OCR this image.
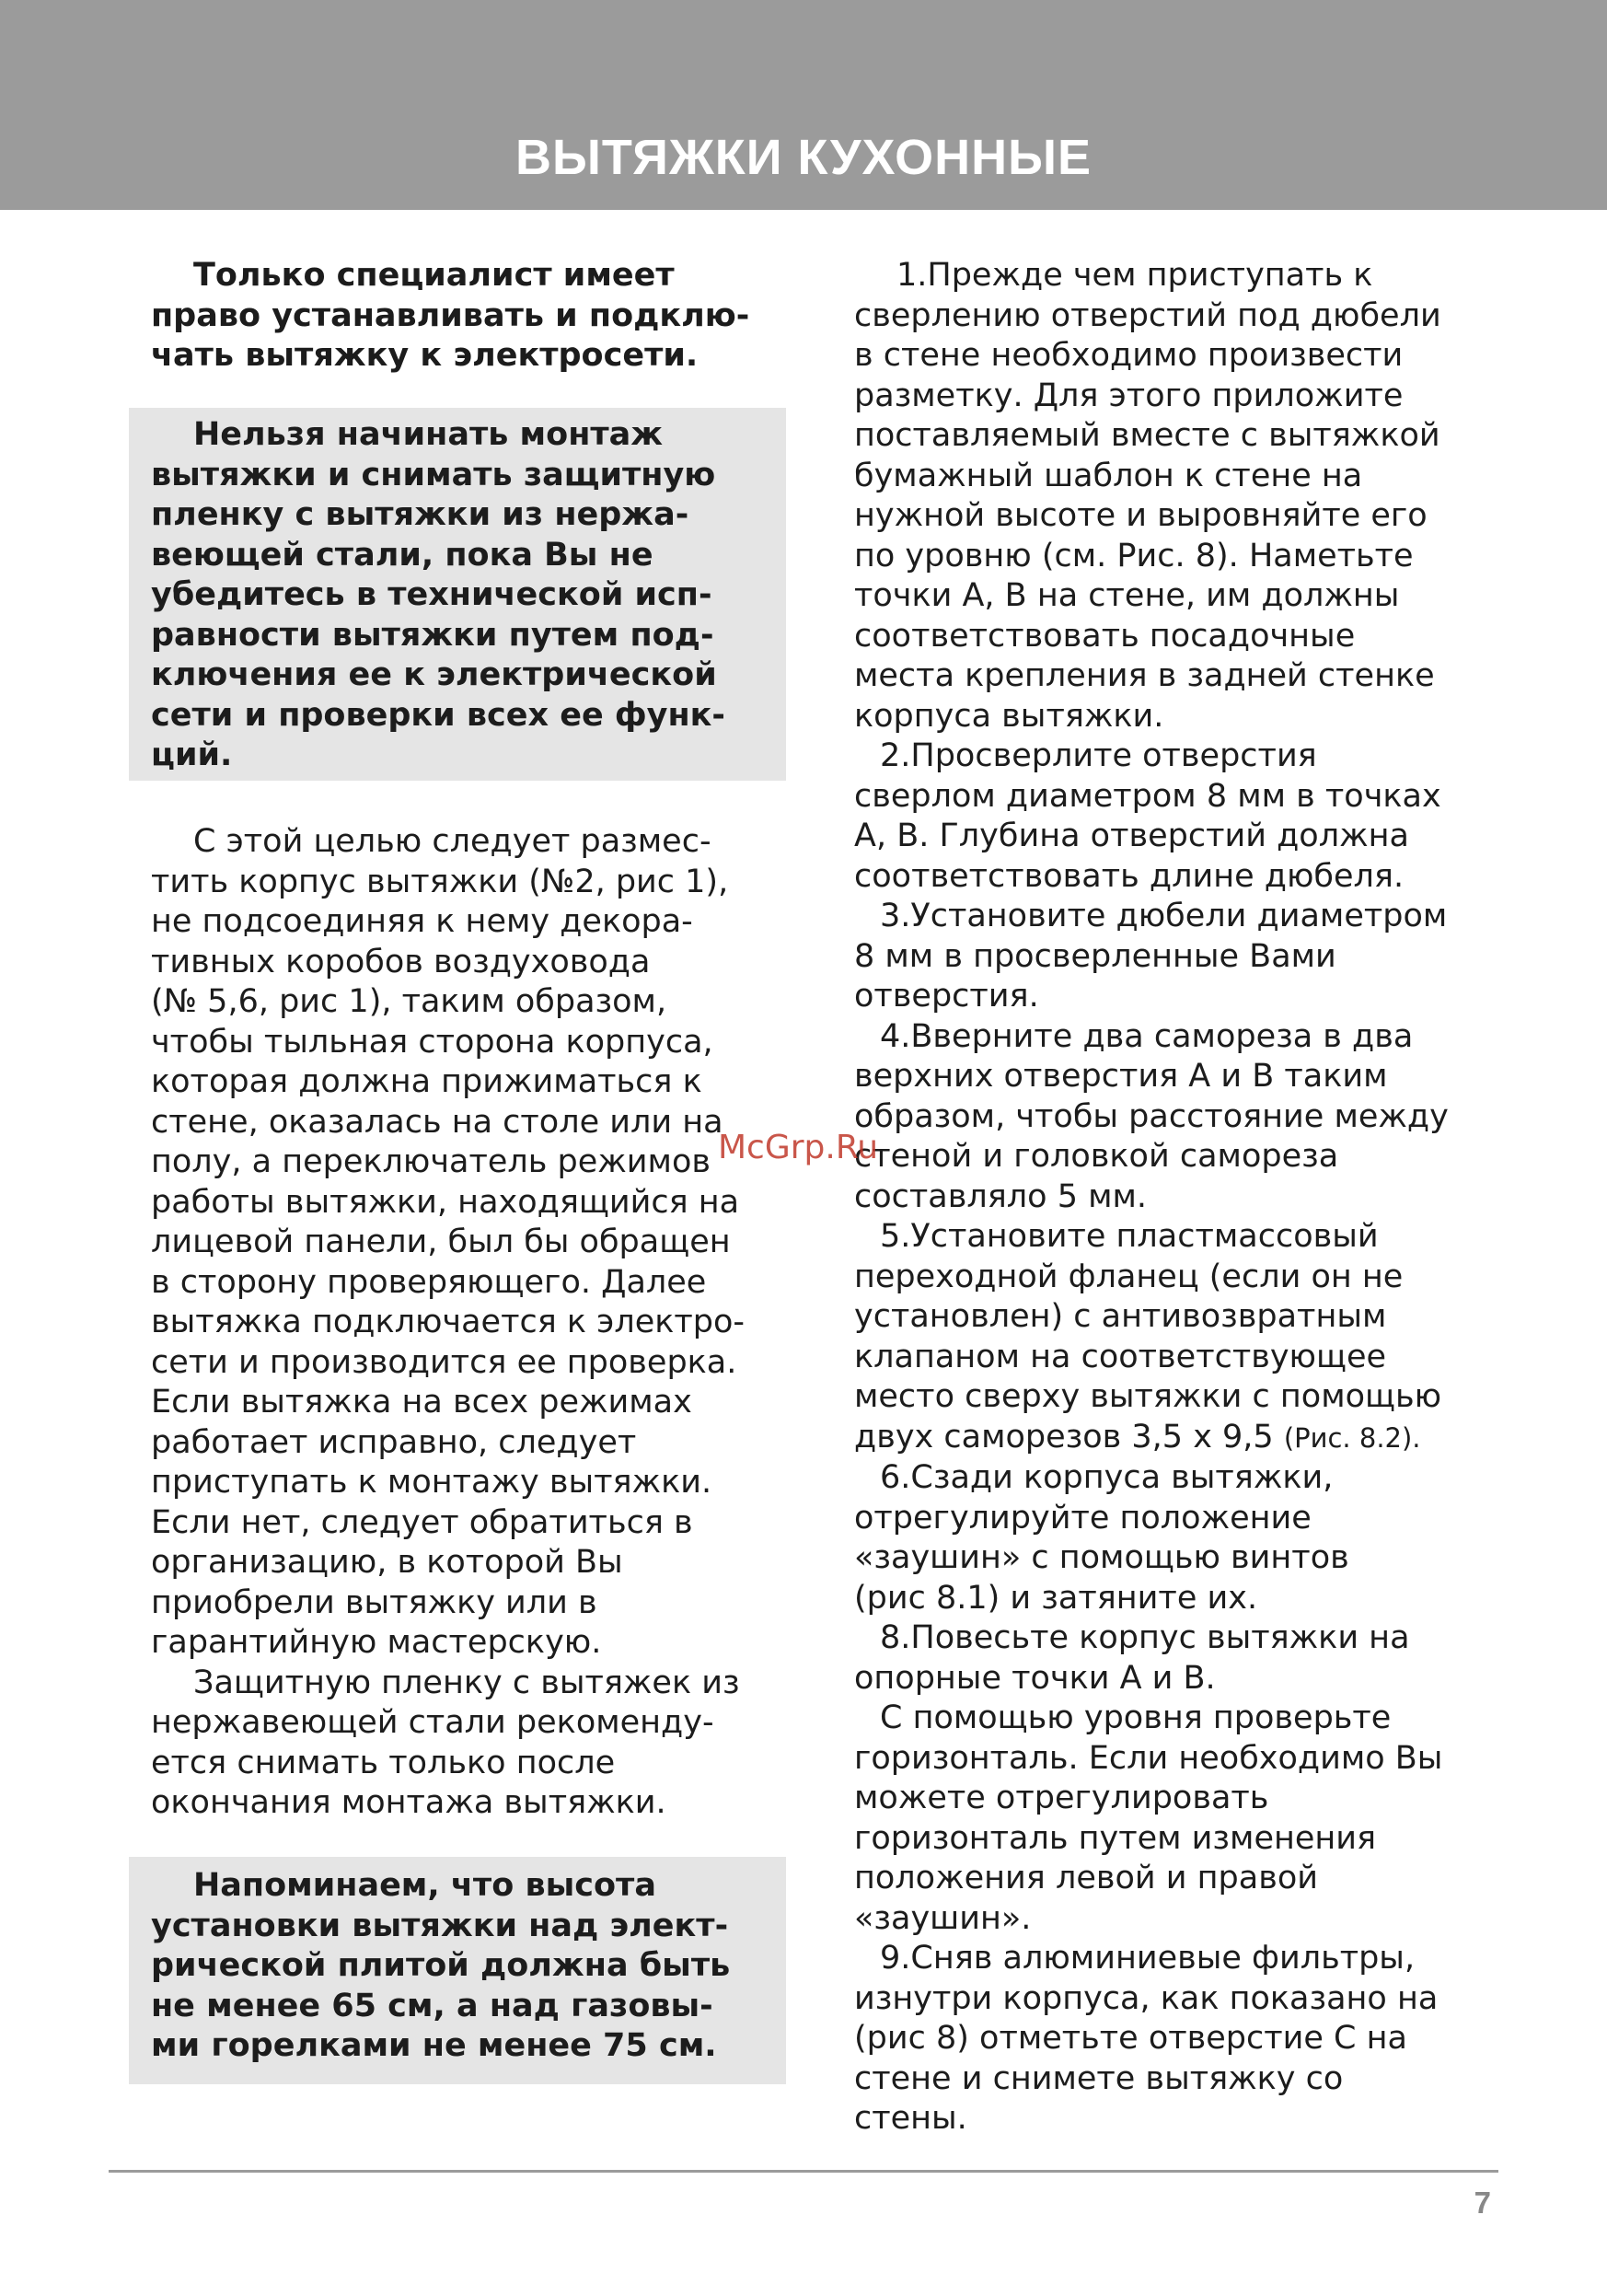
ВЫТЯЖКИ КУХОННЫЕ

Только специалист имеет
право устанавливать и подклю-
чать вытяжку к электросети.

Нельзя начинать монтаж
вытяжки и снимать защитную
пленку с вытяжки из нержа-
веющей стали, пока Вы не
убедитесь в технической исп-
равности вытяжки путем под-
ключения ее к электрической
сети и проверки всех ее функ-
ций.

С этой целью следует размес-
тить корпус вытяжки (№2, рис 1),
не подсоединяя к нему декора-
тивных коробов воздуховода
(№ 5,6, рис 1), таким образом,
чтобы тыльная сторона корпуса,
которая должна прижиматься к
стене, оказалась на столе или на
полу, а переключатель режимов
работы вытяжки, находящийся на
лицевой панели, был бы обращен
в сторону проверяющего. Далее
вытяжка подключается к электро-
сети и производится ее проверка.
Если вытяжка на всех режимах
работает исправно, следует
приступать к монтажу вытяжки.
Если нет, следует обратиться в
организацию, в которой Вы
приобрели вытяжку или в
гарантийную мастерскую.

Защитную пленку с вытяжек из
нержавеющей стали рекоменду-
ется снимать только после
окончания монтажа вытяжки.

Напоминаем, что высота
установки вытяжки над элект-
рической плитой должна быть
не менее 65 см, а над газовы-
ми горелками не менее 75 см.

1.Прежде чем приступать к
сверлению отверстий под дюбели
в стене необходимо произвести
разметку. Для этого приложите
поставляемый вместе с вытяжкой
бумажный шаблон к стене на
нужной высоте и выровняйте его
по уровню (см. Рис. 8). Наметьте
точки А, В на стене, им должны
соответствовать посадочные
места крепления в задней стенке
корпуса вытяжки.
2.Просверлите отверстия
сверлом диаметром 8 мм в точках
А, В. Глубина отверстий должна
соответствовать длине дюбеля.
3.Установите дюбели диаметром
8 мм в просверленные Вами
отверстия.
4.Вверните два самореза в два
верхних отверстия А и В таким
образом, чтобы расстояние между
стеной и головкой самореза
составляло 5 мм.
5.Установите пластмассовый
переходной фланец (если он не
установлен) с антивозвратным
клапаном на соответствующее
место сверху вытяжки с помощью
двух саморезов 3,5 х 9,5 (Рис. 8.2).
6.Сзади корпуса вытяжки,
отрегулируйте положение
«заушин» с помощью винтов
(рис 8.1) и затяните их.
8.Повесьте корпус вытяжки на
опорные точки А и В.
С помощью уровня проверьте
горизонталь. Если необходимо Вы
можете отрегулировать
горизонталь путем изменения
положения левой и правой
«заушин».
9.Сняв алюминиевые фильтры,
изнутри корпуса, как показано на
(рис 8) отметьте отверстие С на
стене и снимете вытяжку со
стены.

McGrp.Ru
7
